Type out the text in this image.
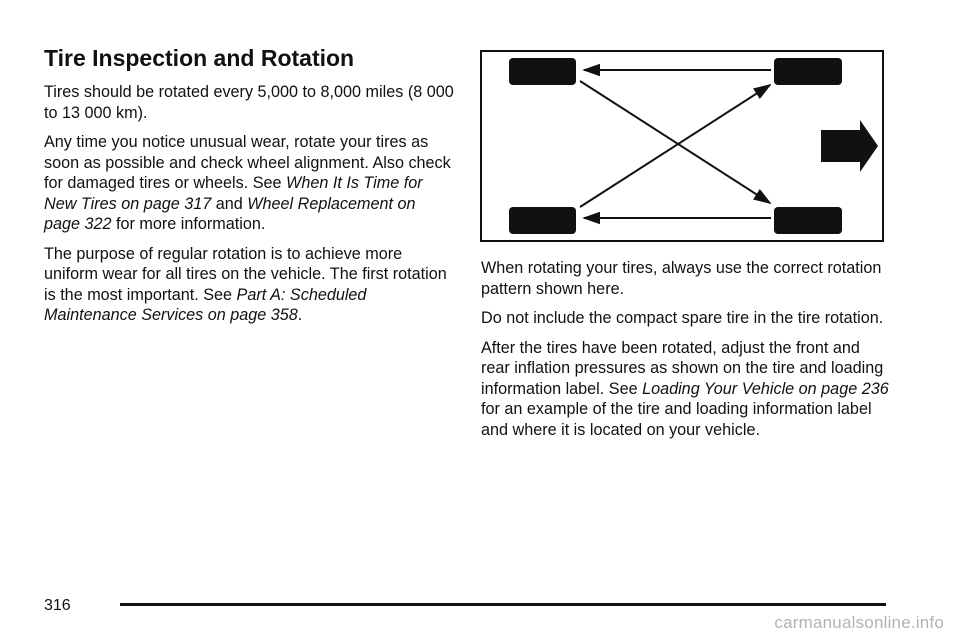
Tire Inspection and Rotation

Tires should be rotated every 5,000 to 8,000 miles (8 000 to 13 000 km).

Any time you notice unusual wear, rotate your tires as soon as possible and check wheel alignment. Also check for damaged tires or wheels. See When It Is Time for New Tires on page 317 and Wheel Replacement on page 322 for more information.

The purpose of regular rotation is to achieve more uniform wear for all tires on the vehicle. The first rotation is the most important. See Part A: Scheduled Maintenance Services on page 358.

When rotating your tires, always use the correct rotation pattern shown here.

Do not include the compact spare tire in the tire rotation.

After the tires have been rotated, adjust the front and rear inflation pressures as shown on the tire and loading information label. See Loading Your Vehicle on page 236 for an example of the tire and loading information label and where it is located on your vehicle.

316
carmanualsonline.info
